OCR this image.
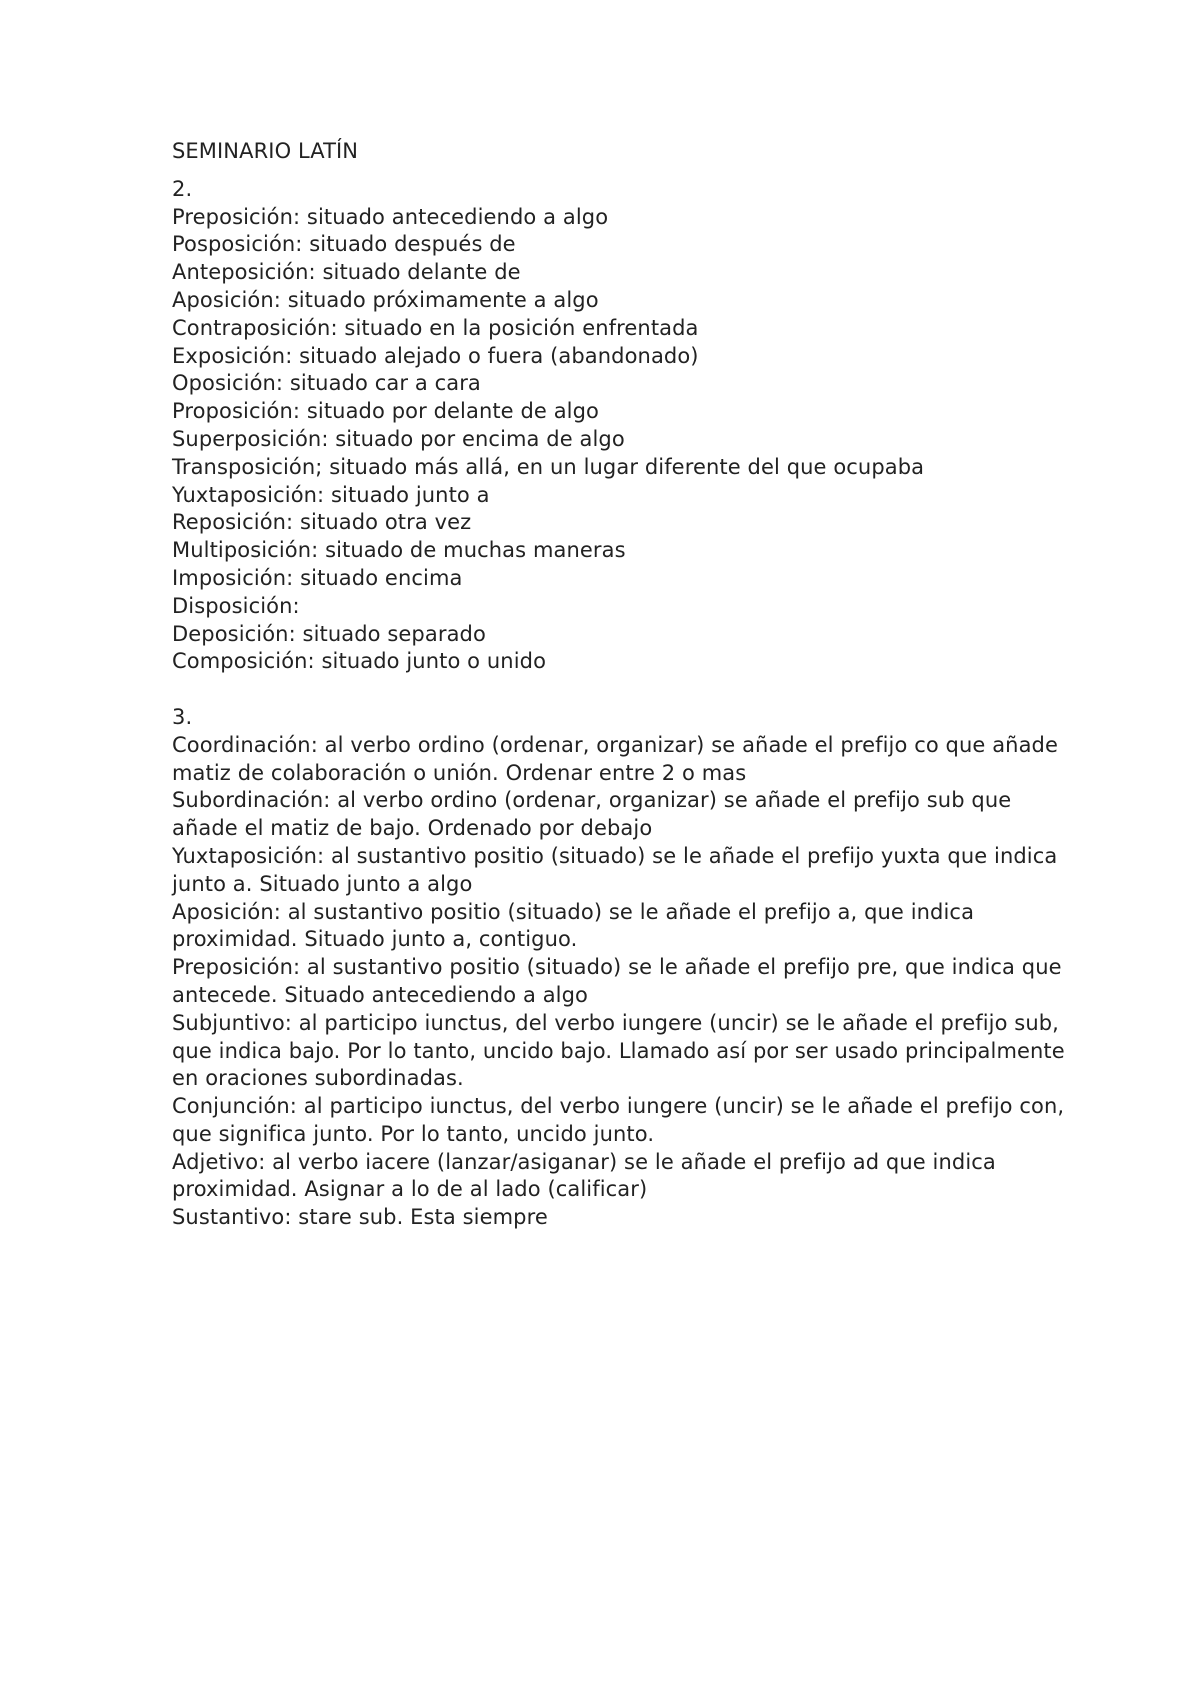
SEMINARIO LATÍN
2.
Preposición: situado antecediendo a algo
Posposición: situado después de
Anteposición: situado delante de
Aposición: situado próximamente a algo
Contraposición: situado en la posición enfrentada
Exposición: situado alejado o fuera (abandonado)
Oposición: situado car a cara
Proposición: situado por delante de algo
Superposición: situado por encima de algo
Transposición; situado más allá, en un lugar diferente del que ocupaba
Yuxtaposición: situado junto a
Reposición: situado otra vez
Multiposición: situado de muchas maneras
Imposición: situado encima
Disposición:
Deposición: situado separado
Composición: situado junto o unido
3.

Coordinación: al verbo ordino (ordenar, organizar) se añade el prefijo co que añade matiz de colaboración o unión. Ordenar entre 2 o mas

Subordinación: al verbo ordino (ordenar, organizar) se añade el prefijo sub que añade el matiz de bajo. Ordenado por debajo

Yuxtaposición: al sustantivo positio (situado) se le añade el prefijo yuxta que indica junto a. Situado junto a algo

Aposición: al sustantivo positio (situado) se le añade el prefijo a, que indica proximidad. Situado junto a, contiguo.

Preposición: al sustantivo positio (situado) se le añade el prefijo pre, que indica que antecede. Situado antecediendo a algo

Subjuntivo: al participo iunctus, del verbo iungere (uncir) se le añade el prefijo sub, que indica bajo. Por lo tanto, uncido bajo. Llamado así por ser usado principalmente en oraciones subordinadas.

Conjunción: al participo iunctus, del verbo iungere (uncir) se le añade el prefijo con, que significa junto. Por lo tanto, uncido junto.

Adjetivo: al verbo iacere (lanzar/asiganar) se le añade el prefijo ad que indica proximidad. Asignar a lo de al lado (calificar)

Sustantivo: stare sub. Esta siempre
